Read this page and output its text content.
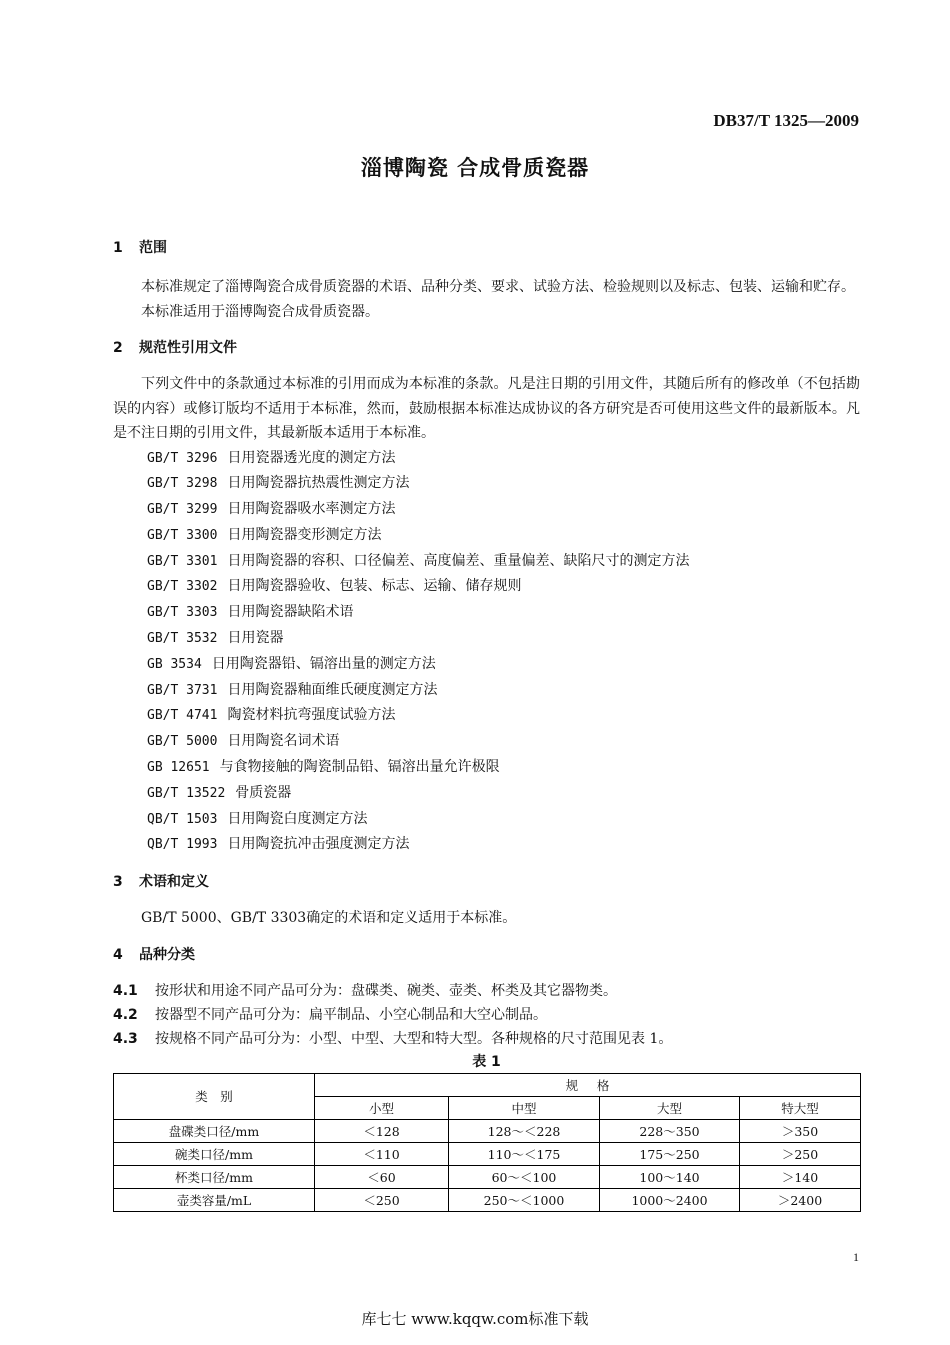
DB37/T 1325—2009
淄博陶瓷 合成骨质瓷器
1 范围

本标准规定了淄博陶瓷合成骨质瓷器的术语、品种分类、要求、试验方法、检验规则以及标志、包装、运输和贮存。

本标准适用于淄博陶瓷合成骨质瓷器。

2 规范性引用文件

下列文件中的条款通过本标准的引用而成为本标准的条款。凡是注日期的引用文件，其随后所有的修改单（不包括勘误的内容）或修订版均不适用于本标准，然而，鼓励根据本标准达成协议的各方研究是否可使用这些文件的最新版本。凡是不注日期的引用文件，其最新版本适用于本标准。

GB/T 3296 日用瓷器透光度的测定方法
GB/T 3298 日用陶瓷器抗热震性测定方法
GB/T 3299 日用陶瓷器吸水率测定方法
GB/T 3300 日用陶瓷器变形测定方法
GB/T 3301 日用陶瓷器的容积、口径偏差、高度偏差、重量偏差、缺陷尺寸的测定方法
GB/T 3302 日用陶瓷器验收、包装、标志、运输、储存规则
GB/T 3303 日用陶瓷器缺陷术语
GB/T 3532 日用瓷器
GB 3534 日用陶瓷器铅、镉溶出量的测定方法
GB/T 3731 日用陶瓷器釉面维氏硬度测定方法
GB/T 4741 陶瓷材料抗弯强度试验方法
GB/T 5000 日用陶瓷名词术语
GB 12651 与食物接触的陶瓷制品铅、镉溶出量允许极限
GB/T 13522 骨质瓷器
QB/T 1503 日用陶瓷白度测定方法
QB/T 1993 日用陶瓷抗冲击强度测定方法
3 术语和定义

GB/T 5000、GB/T 3303确定的术语和定义适用于本标准。

4 品种分类

4.1 按形状和用途不同产品可分为：盘碟类、碗类、壶类、杯类及其它器物类。

4.2 按器型不同产品可分为：扁平制品、小空心制品和大空心制品。

4.3 按规格不同产品可分为：小型、中型、大型和特大型。各种规格的尺寸范围见表 1。

表 1
类　别	规格			
	小型	中型	大型	特大型
盘碟类口径/mm	＜128	128～＜228	228～350	＞350
碗类口径/mm	＜110	110～＜175	175～250	＞250
杯类口径/mm	＜60	60～＜100	100～140	＞140
壶类容量/mL	＜250	250～＜1000	1000～2400	＞2400
1
库七七 www.kqqw.com标准下载
